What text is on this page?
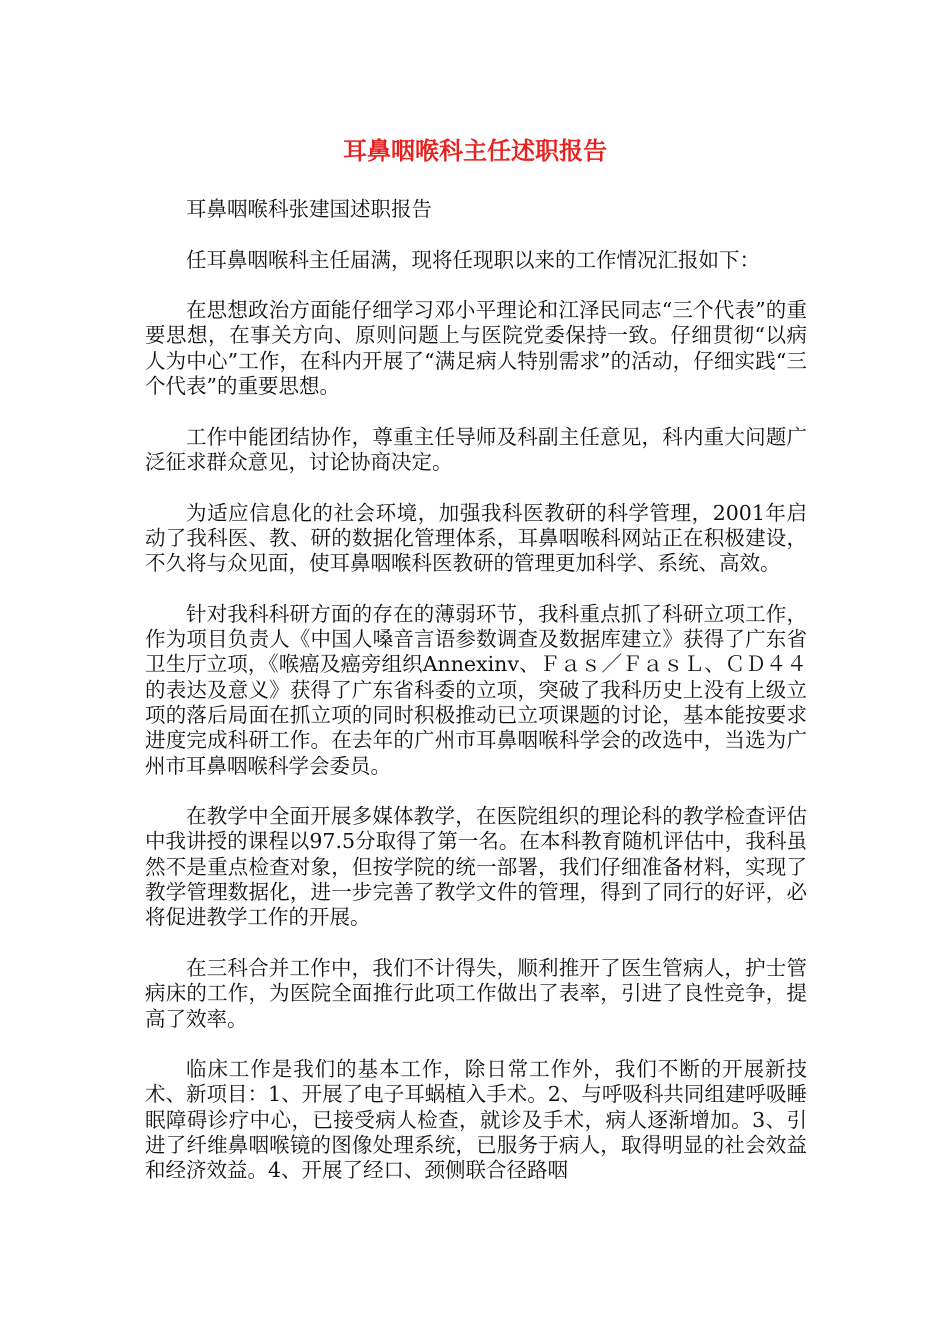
耳鼻咽喉科主任述职报告

耳鼻咽喉科张建国述职报告

任耳鼻咽喉科主任届满，现将任现职以来的工作情况汇报如下：

在思想政治方面能仔细学习邓小平理论和江泽民同志“三个代表”的重要思想，在事关方向、原则问题上与医院党委保持一致。仔细贯彻“以病人为中心”工作，在科内开展了“满足病人特别需求”的活动，仔细实践“三个代表”的重要思想。

工作中能团结协作，尊重主任导师及科副主任意见，科内重大问题广泛征求群众意见，讨论协商决定。

为适应信息化的社会环境，加强我科医教研的科学管理，2001年启动了我科医、教、研的数据化管理体系，耳鼻咽喉科网站正在积极建设，不久将与众见面，使耳鼻咽喉科医教研的管理更加科学、系统、高效。

针对我科科研方面的存在的薄弱环节，我科重点抓了科研立项工作，作为项目负责人《中国人嗓音言语参数调查及数据库建立》获得了广东省卫生厅立项，《喉癌及癌旁组织Annexinⅴ、Ｆａｓ／ＦａｓＬ、ＣＤ４４的表达及意义》获得了广东省科委的立项，突破了我科历史上没有上级立项的落后局面在抓立项的同时积极推动已立项课题的讨论，基本能按要求进度完成科研工作。在去年的广州市耳鼻咽喉科学会的改选中，当选为广州市耳鼻咽喉科学会委员。

在教学中全面开展多媒体教学，在医院组织的理论科的教学检查评估中我讲授的课程以97.5分取得了第一名。在本科教育随机评估中，我科虽然不是重点检查对象，但按学院的统一部署，我们仔细准备材料，实现了教学管理数据化，进一步完善了教学文件的管理，得到了同行的好评，必将促进教学工作的开展。

在三科合并工作中，我们不计得失，顺利推开了医生管病人，护士管病床的工作，为医院全面推行此项工作做出了表率，引进了良性竞争，提高了效率。

临床工作是我们的基本工作，除日常工作外，我们不断的开展新技术、新项目：1、开展了电子耳蜗植入手术。2、与呼吸科共同组建呼吸睡眠障碍诊疗中心，已接受病人检查，就诊及手术，病人逐渐增加。3、引进了纤维鼻咽喉镜的图像处理系统，已服务于病人，取得明显的社会效益和经济效益。4、开展了经口、颈侧联合径路咽
